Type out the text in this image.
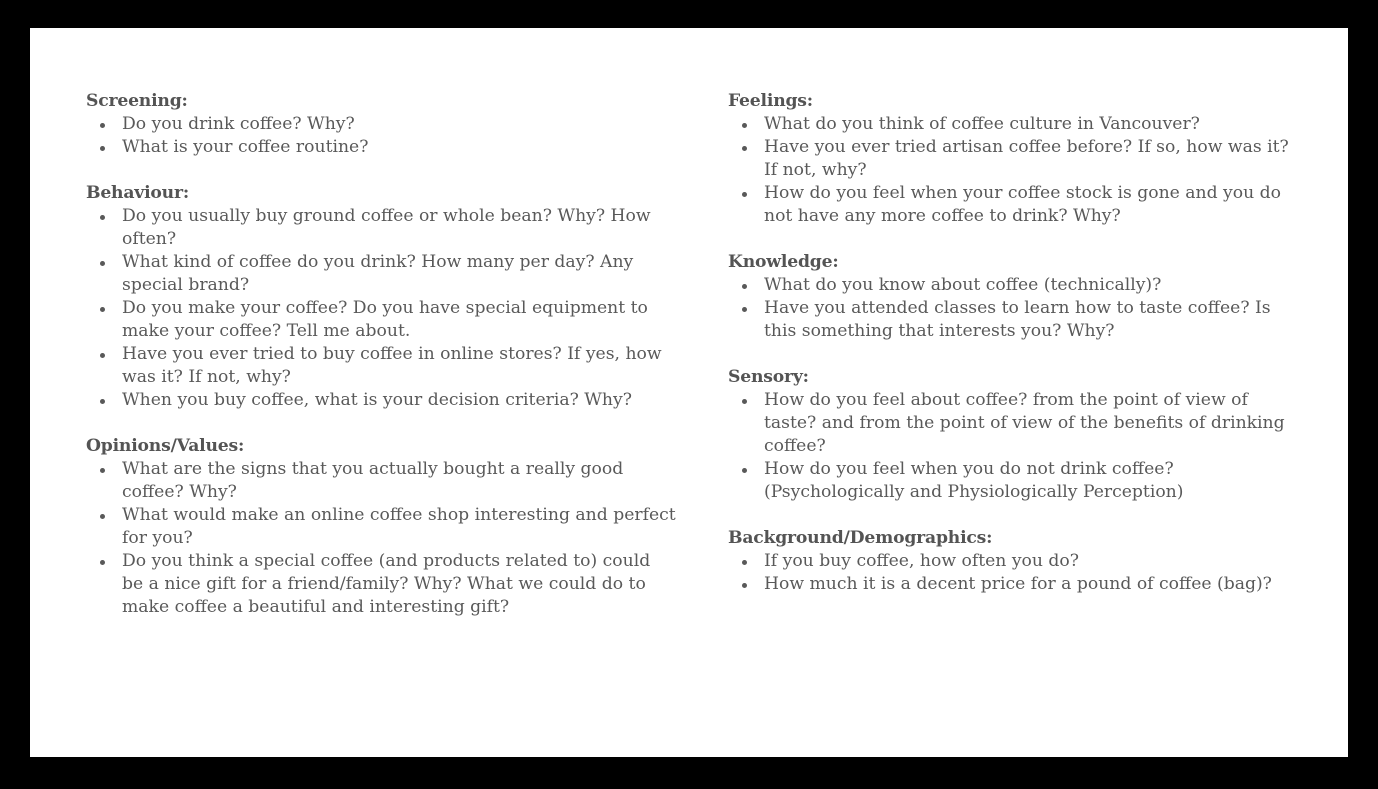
Screening:
Do you drink coffee? Why?
What is your coffee routine?
Behaviour:
Do you usually buy ground coffee or whole bean? Why? How often?
What kind of coffee do you drink? How many per day? Any special brand?
Do you make your coffee? Do you have special equipment to make your coffee? Tell me about.
Have you ever tried to buy coffee in online stores? If yes, how was it? If not, why?
When you buy coffee, what is your decision criteria? Why?
Opinions/Values:
What are the signs that you actually bought a really good coffee? Why?
What would make an online coffee shop interesting and perfect for you?
Do you think a special coffee (and products related to) could be a nice gift for a friend/family? Why? What we could do to make coffee a beautiful and interesting gift?
Feelings:
What do you think of coffee culture in Vancouver?
Have you ever tried artisan coffee before? If so, how was it? If not, why?
How do you feel when your coffee stock is gone and you do not have any more coffee to drink? Why?
Knowledge:
What do you know about coffee (technically)?
Have you attended classes to learn how to taste coffee? Is this something that interests you? Why?
Sensory:
How do you feel about coffee? from the point of view of taste? and from the point of view of the benefits of drinking coffee?
How do you feel when you do not drink coffee? (Psychologically and Physiologically Perception)
Background/Demographics:
If you buy coffee, how often you do?
How much it is a decent price for a pound of coffee (bag)?
